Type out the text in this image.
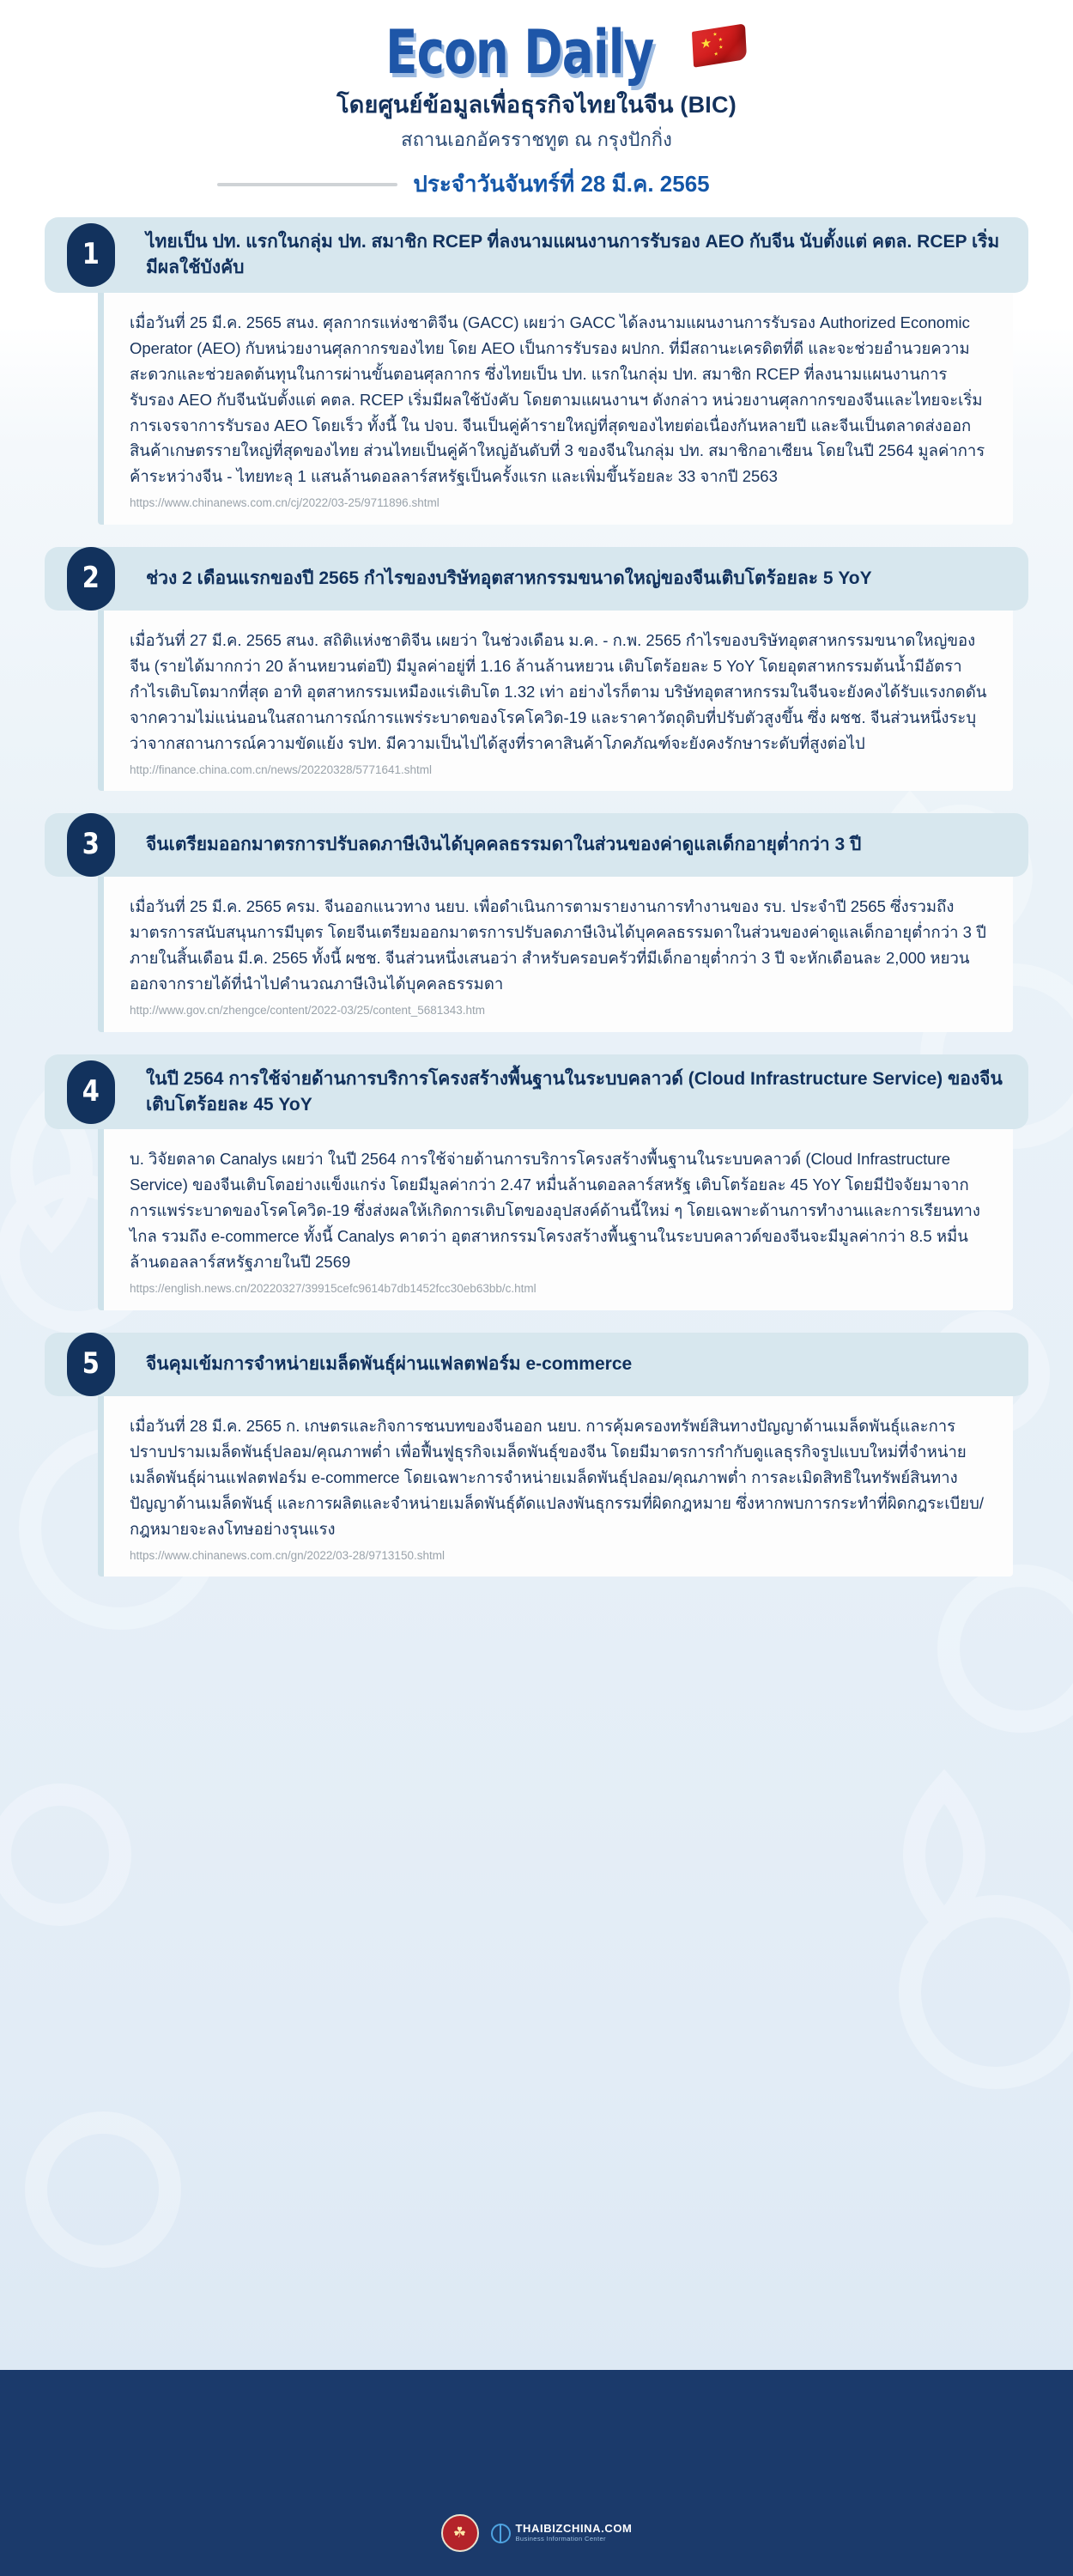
Econ Daily	★
★
★
★
★
โดยศูนย์ข้อมูลเพื่อธุรกิจไทยในจีน (BIC)
สถานเอกอัครราชทูต ณ กรุงปักกิ่ง
ประจำวันจันทร์ที่ 28 มี.ค. 2565
1	ไทยเป็น ปท. แรกในกลุ่ม ปท. สมาชิก RCEP ที่ลงนามแผนงานการรับรอง AEO กับจีน นับตั้งแต่ คตล. RCEP เริ่มมีผลใช้บังคับ

เมื่อวันที่ 25 มี.ค. 2565 สนง. ศุลกากรแห่งชาติจีน (GACC) เผยว่า GACC ได้ลงนามแผนงานการรับรอง Authorized Economic Operator (AEO) กับหน่วยงานศุลกากรของไทย โดย AEO เป็นการรับรอง ผปกก. ที่มีสถานะเครดิตที่ดี และจะช่วยอำนวยความสะดวกและช่วยลดต้นทุนในการผ่านขั้นตอนศุลกากร ซึ่งไทยเป็น ปท. แรกในกลุ่ม ปท. สมาชิก RCEP ที่ลงนามแผนงานการรับรอง AEO กับจีนนับตั้งแต่ คตล. RCEP เริ่มมีผลใช้บังคับ โดยตามแผนงานฯ ดังกล่าว หน่วยงานศุลกากรของจีนและไทยจะเริ่มการเจรจาการรับรอง AEO โดยเร็ว ทั้งนี้ ใน ปจบ. จีนเป็นคู่ค้ารายใหญ่ที่สุดของไทยต่อเนื่องกันหลายปี และจีนเป็นตลาดส่งออกสินค้าเกษตรรายใหญ่ที่สุดของไทย ส่วนไทยเป็นคู่ค้าใหญ่อันดับที่ 3 ของจีนในกลุ่ม ปท. สมาชิกอาเซียน โดยในปี 2564 มูลค่าการค้าระหว่างจีน - ไทยทะลุ 1 แสนล้านดอลลาร์สหรัฐเป็นครั้งแรก และเพิ่มขึ้นร้อยละ 33 จากปี 2563

https://www.chinanews.com.cn/cj/2022/03-25/9711896.shtml
2	ช่วง 2 เดือนแรกของปี 2565 กำไรของบริษัทอุตสาหกรรมขนาดใหญ่ของจีนเติบโตร้อยละ 5 YoY

เมื่อวันที่ 27 มี.ค. 2565 สนง. สถิติแห่งชาติจีน เผยว่า ในช่วงเดือน ม.ค. - ก.พ. 2565 กำไรของบริษัทอุตสาหกรรมขนาดใหญ่ของจีน (รายได้มากกว่า 20 ล้านหยวนต่อปี) มีมูลค่าอยู่ที่ 1.16 ล้านล้านหยวน เติบโตร้อยละ 5 YoY โดยอุตสาหกรรมต้นน้ำมีอัตรากำไรเติบโตมากที่สุด อาทิ อุตสาหกรรมเหมืองแร่เติบโต 1.32 เท่า อย่างไรก็ตาม บริษัทอุตสาหกรรมในจีนจะยังคงได้รับแรงกดดันจากความไม่แน่นอนในสถานการณ์การแพร่ระบาดของโรคโควิด-19 และราคาวัตถุดิบที่ปรับตัวสูงขึ้น ซึ่ง ผชช. จีนส่วนหนึ่งระบุว่าจากสถานการณ์ความขัดแย้ง รปท. มีความเป็นไปได้สูงที่ราคาสินค้าโภคภัณฑ์จะยังคงรักษาระดับที่สูงต่อไป

http://finance.china.com.cn/news/20220328/5771641.shtml
3	จีนเตรียมออกมาตรการปรับลดภาษีเงินได้บุคคลธรรมดาในส่วนของค่าดูแลเด็กอายุต่ำกว่า 3 ปี

เมื่อวันที่ 25 มี.ค. 2565 ครม. จีนออกแนวทาง นยบ. เพื่อดำเนินการตามรายงานการทำงานของ รบ. ประจำปี 2565 ซึ่งรวมถึงมาตรการสนับสนุนการมีบุตร โดยจีนเตรียมออกมาตรการปรับลดภาษีเงินได้บุคคลธรรมดาในส่วนของค่าดูแลเด็กอายุต่ำกว่า 3 ปีภายในสิ้นเดือน มี.ค. 2565 ทั้งนี้ ผชช. จีนส่วนหนึ่งเสนอว่า สำหรับครอบครัวที่มีเด็กอายุต่ำกว่า 3 ปี จะหักเดือนละ 2,000 หยวนออกจากรายได้ที่นำไปคำนวณภาษีเงินได้บุคคลธรรมดา

http://www.gov.cn/zhengce/content/2022-03/25/content_5681343.htm
4	ในปี 2564 การใช้จ่ายด้านการบริการโครงสร้างพื้นฐานในระบบคลาวด์ (Cloud Infrastructure Service) ของจีนเติบโตร้อยละ 45 YoY

บ. วิจัยตลาด Canalys เผยว่า ในปี 2564 การใช้จ่ายด้านการบริการโครงสร้างพื้นฐานในระบบคลาวด์ (Cloud Infrastructure Service) ของจีนเติบโตอย่างแข็งแกร่ง โดยมีมูลค่ากว่า 2.47 หมื่นล้านดอลลาร์สหรัฐ เติบโตร้อยละ 45 YoY โดยมีปัจจัยมาจากการแพร่ระบาดของโรคโควิด-19 ซึ่งส่งผลให้เกิดการเติบโตของอุปสงค์ด้านนี้ใหม่ ๆ โดยเฉพาะด้านการทำงานและการเรียนทางไกล รวมถึง e-commerce ทั้งนี้ Canalys คาดว่า อุตสาหกรรมโครงสร้างพื้นฐานในระบบคลาวด์ของจีนจะมีมูลค่ากว่า 8.5 หมื่นล้านดอลลาร์สหรัฐภายในปี 2569

https://english.news.cn/20220327/39915cefc9614b7db1452fcc30eb63bb/c.html
5	จีนคุมเข้มการจำหน่ายเมล็ดพันธุ์ผ่านแฟลตฟอร์ม e-commerce

เมื่อวันที่ 28 มี.ค. 2565 ก. เกษตรและกิจการชนบทของจีนออก นยบ. การคุ้มครองทรัพย์สินทางปัญญาด้านเมล็ดพันธุ์และการปราบปรามเมล็ดพันธุ์ปลอม/คุณภาพต่ำ เพื่อฟื้นฟูธุรกิจเมล็ดพันธุ์ของจีน โดยมีมาตรการกำกับดูแลธุรกิจรูปแบบใหม่ที่จำหน่ายเมล็ดพันธุ์ผ่านแฟลตฟอร์ม e-commerce โดยเฉพาะการจำหน่ายเมล็ดพันธุ์ปลอม/คุณภาพต่ำ การละเมิดสิทธิในทรัพย์สินทางปัญญาด้านเมล็ดพันธุ์ และการผลิตและจำหน่ายเมล็ดพันธุ์ดัดแปลงพันธุกรรมที่ผิดกฎหมาย ซึ่งหากพบการกระทำที่ผิดกฎระเบียบ/กฎหมายจะลงโทษอย่างรุนแรง

https://www.chinanews.com.cn/gn/2022/03-28/9713150.shtml
☘	THAIBIZCHINA.COM
Business Information Center
